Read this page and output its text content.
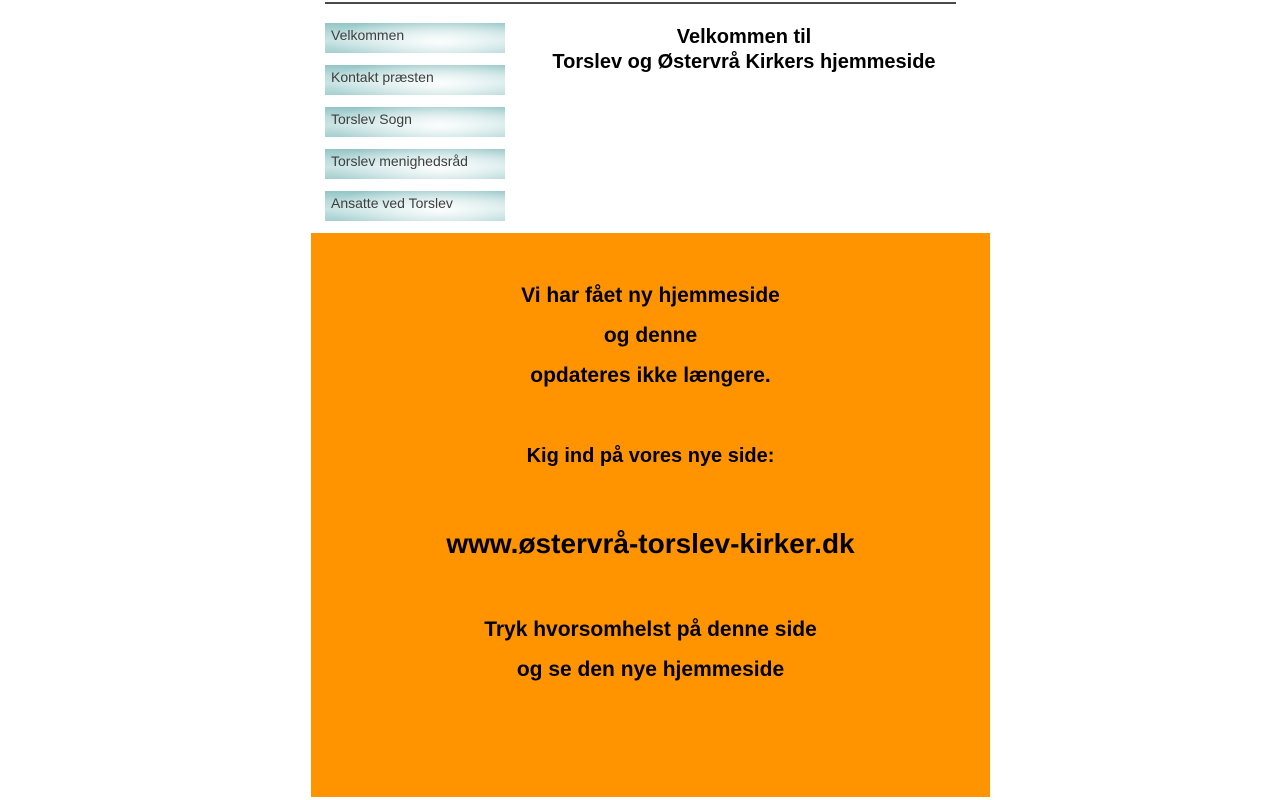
Velkommen
Kontakt præsten
Torslev Sogn
Torslev menighedsråd
Ansatte ved Torslev
Velkommen til
Torslev og Østervrå Kirkers hjemmeside
Vi har fået ny hjemmeside
og denne
opdateres ikke længere.
Kig ind på vores nye side:
www.østervrå-torslev-kirker.dk
Tryk hvorsomhelst på denne side
og se den nye hjemmeside
